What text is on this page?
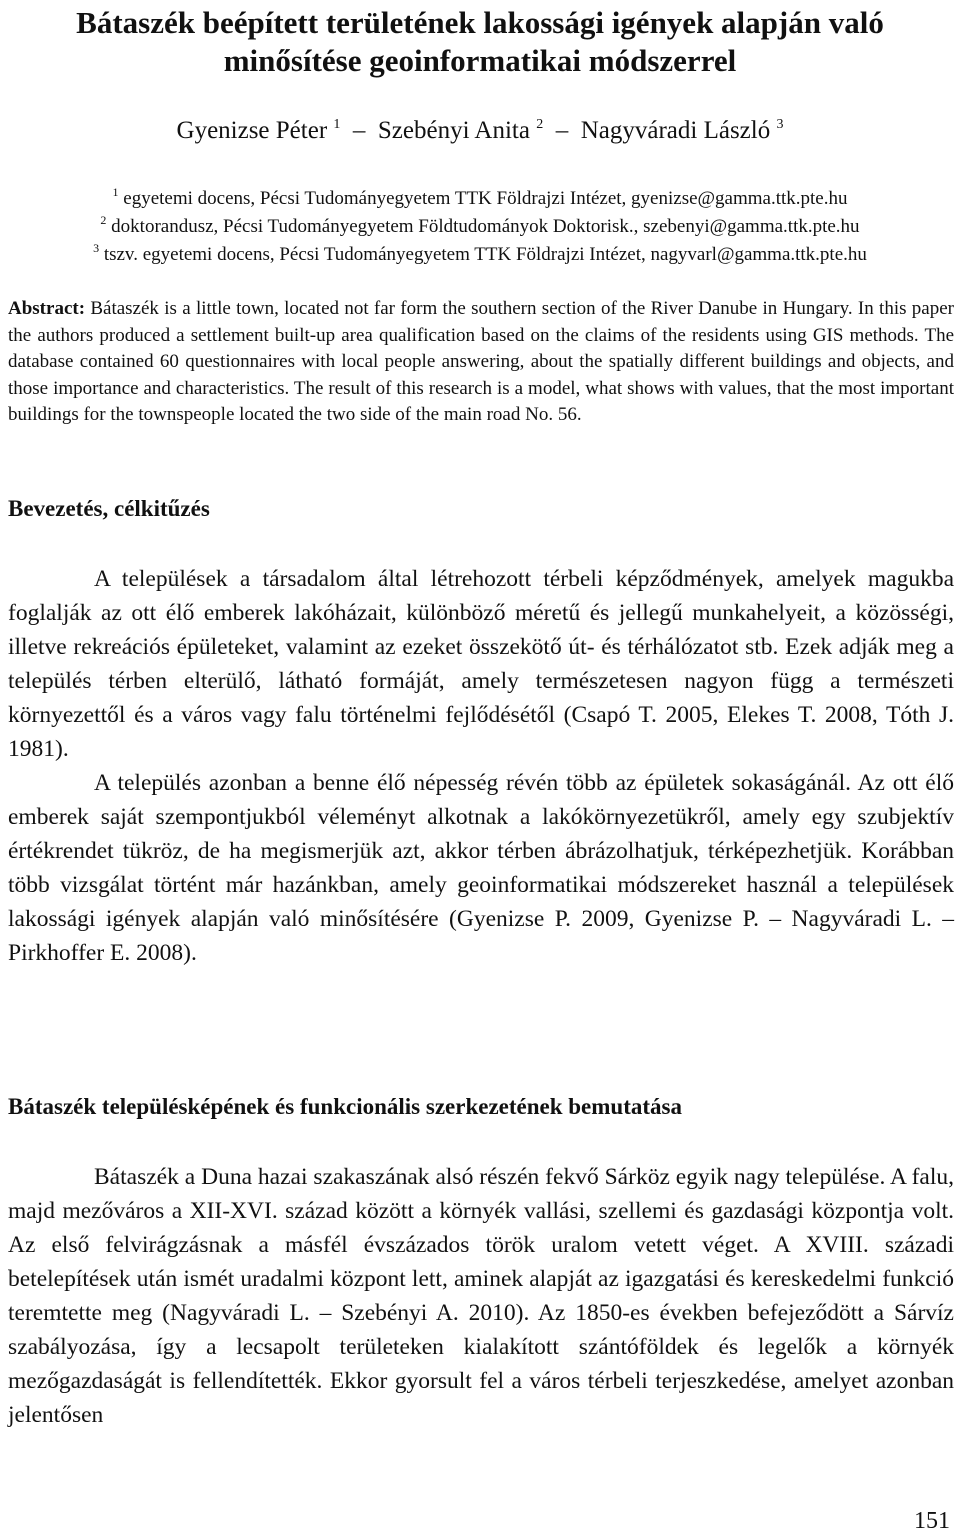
Bátaszék beépített területének lakossági igények alapján való
minősítése geoinformatikai módszerrel
Gyenizse Péter $^1$ – Szebényi Anita $^2$ – Nagyváradi László $^3$
$^1$ egyetemi docens, Pécsi Tudományegyetem TTK Földrajzi Intézet, gyenizse@gamma.ttk.pte.hu
$^2$ doktorandusz, Pécsi Tudományegyetem Földtudományok Doktorisk., szebenyi@gamma.ttk.pte.hu
$^3$ tszv. egyetemi docens, Pécsi Tudományegyetem TTK Földrajzi Intézet, nagyvarl@gamma.ttk.pte.hu
Abstract: Bátaszék is a little town, located not far form the southern section of the River Danube in Hungary. In this paper the authors produced a settlement built-up area qualification based on the claims of the residents using GIS methods. The database contained 60 questionnaires with local people answering, about the spatially different buildings and objects, and those importance and characteristics. The result of this research is a model, what shows with values, that the most important buildings for the townspeople located the two side of the main road No. 56.
Bevezetés, célkitűzés

A települések a társadalom által létrehozott térbeli képződmények, amelyek magukba foglalják az ott élő emberek lakóházait, különböző méretű és jellegű munkahelyeit, a közösségi, illetve rekreációs épületeket, valamint az ezeket összekötő út- és térhálózatot stb. Ezek adják meg a település térben elterülő, látható formáját, amely természetesen nagyon függ a természeti környezettől és a város vagy falu történelmi fejlődésétől (Csapó T. 2005, Elekes T. 2008, Tóth J. 1981).

A település azonban a benne élő népesség révén több az épületek sokaságánál. Az ott élő emberek saját szempontjukból véleményt alkotnak a lakókörnyezetükről, amely egy szubjektív értékrendet tükröz, de ha megismerjük azt, akkor térben ábrázolhatjuk, térképezhetjük. Korábban több vizsgálat történt már hazánkban, amely geoinformatikai módszereket használ a települések lakossági igények alapján való minősítésére (Gyenizse P. 2009, Gyenizse P. – Nagyváradi L. – Pirkhoffer E. 2008).

Bátaszék településképének és funkcionális szerkezetének bemutatása

Bátaszék a Duna hazai szakaszának alsó részén fekvő Sárköz egyik nagy települése. A falu, majd mezőváros a XII-XVI. század között a környék vallási, szellemi és gazdasági központja volt. Az első felvirágzásnak a másfél évszázados török uralom vetett véget. A XVIII. századi betelepítések után ismét uradalmi központ lett, aminek alapját az igazgatási és kereskedelmi funkció teremtette meg (Nagyváradi L. – Szebényi A. 2010). Az 1850-es években befejeződött a Sárvíz szabályozása, így a lecsapolt területeken kialakított szántóföldek és legelők a környék mezőgazdaságát is fellendítették. Ekkor gyorsult fel a város térbeli terjeszkedése, amelyet azonban jelentősen

151
